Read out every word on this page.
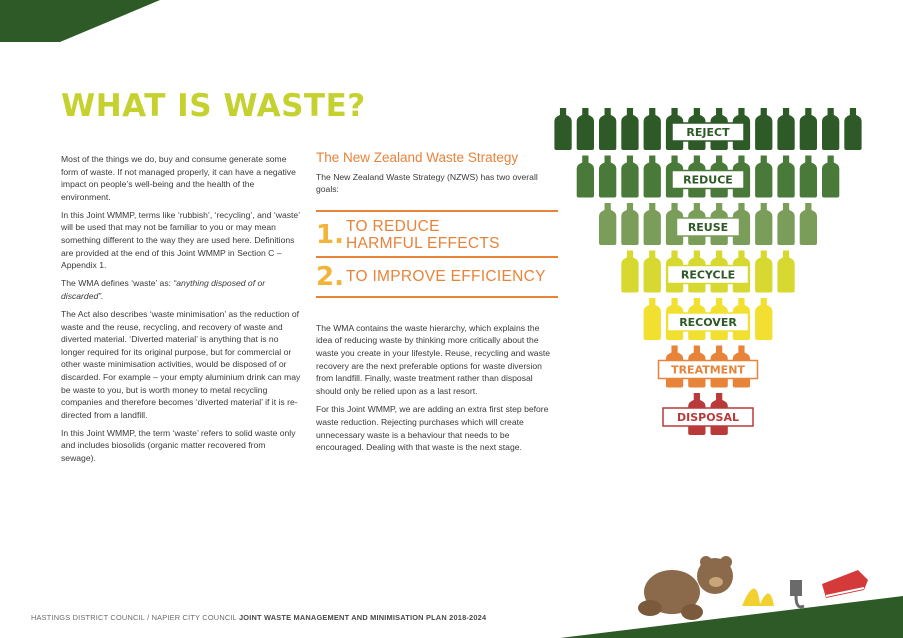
WHAT IS WASTE?

Most of the things we do, buy and consume generate some form of waste. If not managed properly, it can have a negative impact on people’s well-being and the health of the environment.

In this Joint WMMP, terms like ‘rubbish’, ‘recycling’, and ‘waste’ will be used that may not be familiar to you or may mean something different to the way they are used here. Definitions are provided at the end of this Joint WMMP in Section C – Appendix 1.

The WMA defines ‘waste’ as: “anything disposed of or discarded”.

The Act also describes ‘waste minimisation’ as the reduction of waste and the reuse, recycling, and recovery of waste and diverted material. ‘Diverted material’ is anything that is no longer required for its original purpose, but for commercial or other waste minimisation activities, would be disposed of or discarded. For example – your empty aluminium drink can may be waste to you, but is worth money to metal recycling companies and therefore becomes ‘diverted material’ if it is re-directed from a landfill.

In this Joint WMMP, the term ‘waste’ refers to solid waste only and includes biosolids (organic matter recovered from sewage).

The New Zealand Waste Strategy

The New Zealand Waste Strategy (NZWS) has two overall goals:

1. TO REDUCE
HARMFUL EFFECTS
2. TO IMPROVE EFFICIENCY

The WMA contains the waste hierarchy, which explains the idea of reducing waste by thinking more critically about the waste you create in your lifestyle. Reuse, recycling and waste recovery are the next preferable options for waste diversion from landfill. Finally, waste treatment rather than disposal should only be relied upon as a last resort.

For this Joint WMMP, we are adding an extra first step before waste reduction. Rejecting purchases which will create unnecessary waste is a behaviour that needs to be encouraged. Dealing with that waste is the next stage.

REJECT
REDUCE
REUSE
RECYCLE
RECOVER
TREATMENT
DISPOSAL
HASTINGS DISTRICT COUNCIL / NAPIER CITY COUNCIL JOINT WASTE MANAGEMENT AND MINIMISATION PLAN 2018-2024
